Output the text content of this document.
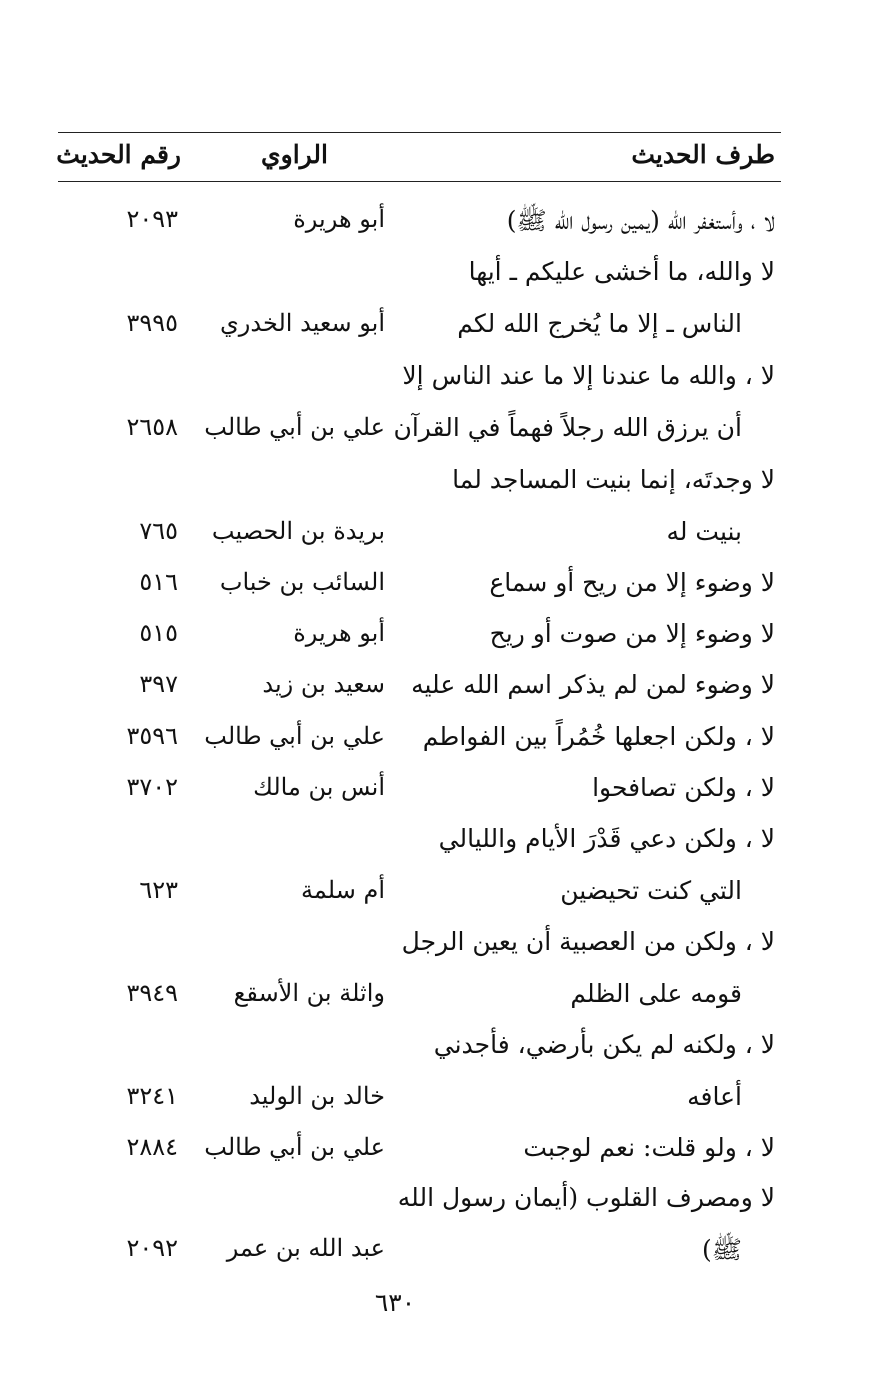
طرف الحديث
الراوي
رقم الحديث
لا ، وأستغفر الله (يمين رسول الله ﷺ)
أبو هريرة
٢٠٩٣
لا والله، ما أخشى عليكم ـ أيها
الناس ـ إلا ما يُخرج الله لكم
أبو سعيد الخدري
٣٩٩٥
لا ، والله ما عندنا إلا ما عند الناس إلا
أن يرزق الله رجلاً فهماً في القرآن
علي بن أبي طالب
٢٦٥٨
لا وجدتَه، إنما بنيت المساجد لما
بنيت له
بريدة بن الحصيب
٧٦٥
لا وضوء إلا من ريح أو سماع
السائب بن خباب
٥١٦
لا وضوء إلا من صوت أو ريح
أبو هريرة
٥١٥
لا وضوء لمن لم يذكر اسم الله عليه
سعيد بن زيد
٣٩٧
لا ، ولكن اجعلها خُمُراً بين الفواطم
علي بن أبي طالب
٣٥٩٦
لا ، ولكن تصافحوا
أنس بن مالك
٣٧٠٢
لا ، ولكن دعي قَدْرَ الأيام والليالي
التي كنت تحيضين
أم سلمة
٦٢٣
لا ، ولكن من العصبية أن يعين الرجل
قومه على الظلم
واثلة بن الأسقع
٣٩٤٩
لا ، ولكنه لم يكن بأرضي، فأجدني
أعافه
خالد بن الوليد
٣٢٤١
لا ، ولو قلت: نعم لوجبت
علي بن أبي طالب
٢٨٨٤
لا ومصرف القلوب (أيمان رسول الله
ﷺ)
عبد الله بن عمر
٢٠٩٢
٦٣٠
